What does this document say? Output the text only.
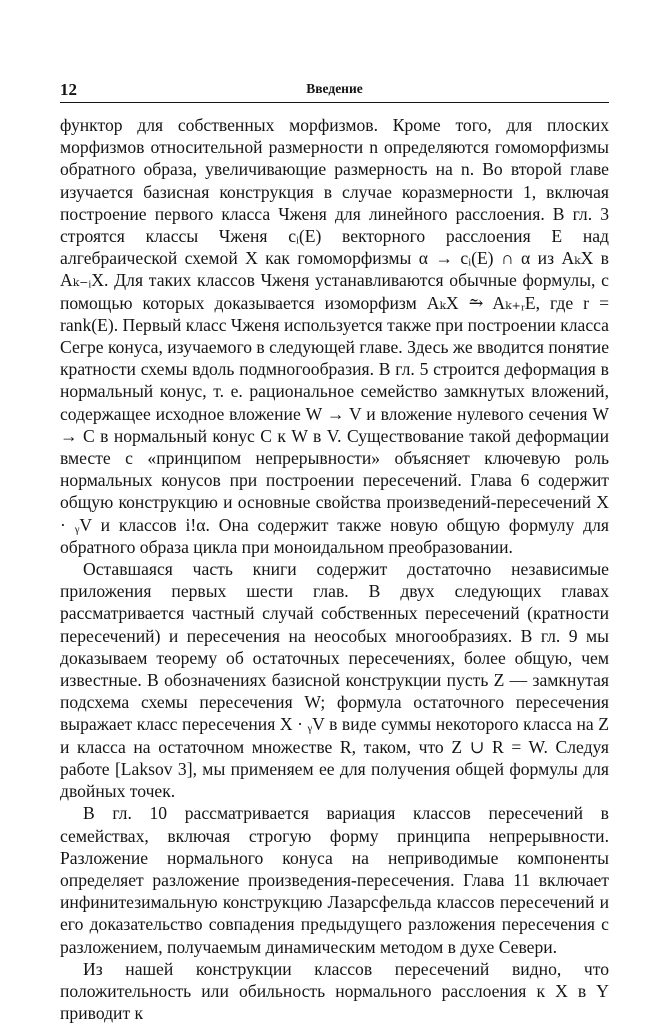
12	Введение

функтор для собственных морфизмов. Кроме того, для плоских морфизмов относительной размерности n определяются гомоморфизмы обратного образа, увеличивающие размерность на n. Во второй главе изучается базисная конструкция в случае коразмерности 1, включая построение первого класса Чженя для линейного расслоения. В гл. 3 строятся классы Чженя cᵢ(E) векторного расслоения E над алгебраической схемой X как гомоморфизмы α → cᵢ(E) ∩ α из AₖX в Aₖ₋ᵢX. Для таких классов Чженя устанавливаются обычные формулы, с помощью которых доказывается изоморфизм AₖX ⥲ Aₖ₊ᵣE, где r = rank(E). Первый класс Чженя используется также при построении класса Сегре конуса, изучаемого в следующей главе. Здесь же вводится понятие кратности схемы вдоль подмногообразия. В гл. 5 строится деформация в нормальный конус, т. е. рациональное семейство замкнутых вложений, содержащее исходное вложение W → V и вложение нулевого сечения W → C в нормальный конус C к W в V. Существование такой деформации вместе с «принципом непрерывности» объясняет ключевую роль нормальных конусов при построении пересечений. Глава 6 содержит общую конструкцию и основные свойства произведений-пересечений X · ᵧV и классов i!α. Она содержит также новую общую формулу для обратного образа цикла при моноидальном преобразовании.

Оставшаяся часть книги содержит достаточно независимые приложения первых шести глав. В двух следующих главах рассматривается частный случай собственных пересечений (кратности пересечений) и пересечения на неособых многообразиях. В гл. 9 мы доказываем теорему об остаточных пересечениях, более общую, чем известные. В обозначениях базисной конструкции пусть Z — замкнутая подсхема схемы пересечения W; формула остаточного пересечения выражает класс пересечения X · ᵧV в виде суммы некоторого класса на Z и класса на остаточном множестве R, таком, что Z ∪ R = W. Следуя работе [Laksov 3], мы применяем ее для получения общей формулы для двойных точек.

В гл. 10 рассматривается вариация классов пересечений в семействах, включая строгую форму принципа непрерывности. Разложение нормального конуса на неприводимые компоненты определяет разложение произведения-пересечения. Глава 11 включает инфинитезимальную конструкцию Лазарсфельда классов пересечений и его доказательство совпадения предыдущего разложения пересечения с разложением, получаемым динамическим методом в духе Севери.

Из нашей конструкции классов пересечений видно, что положительность или обильность нормального расслоения к X в Y приводит к
